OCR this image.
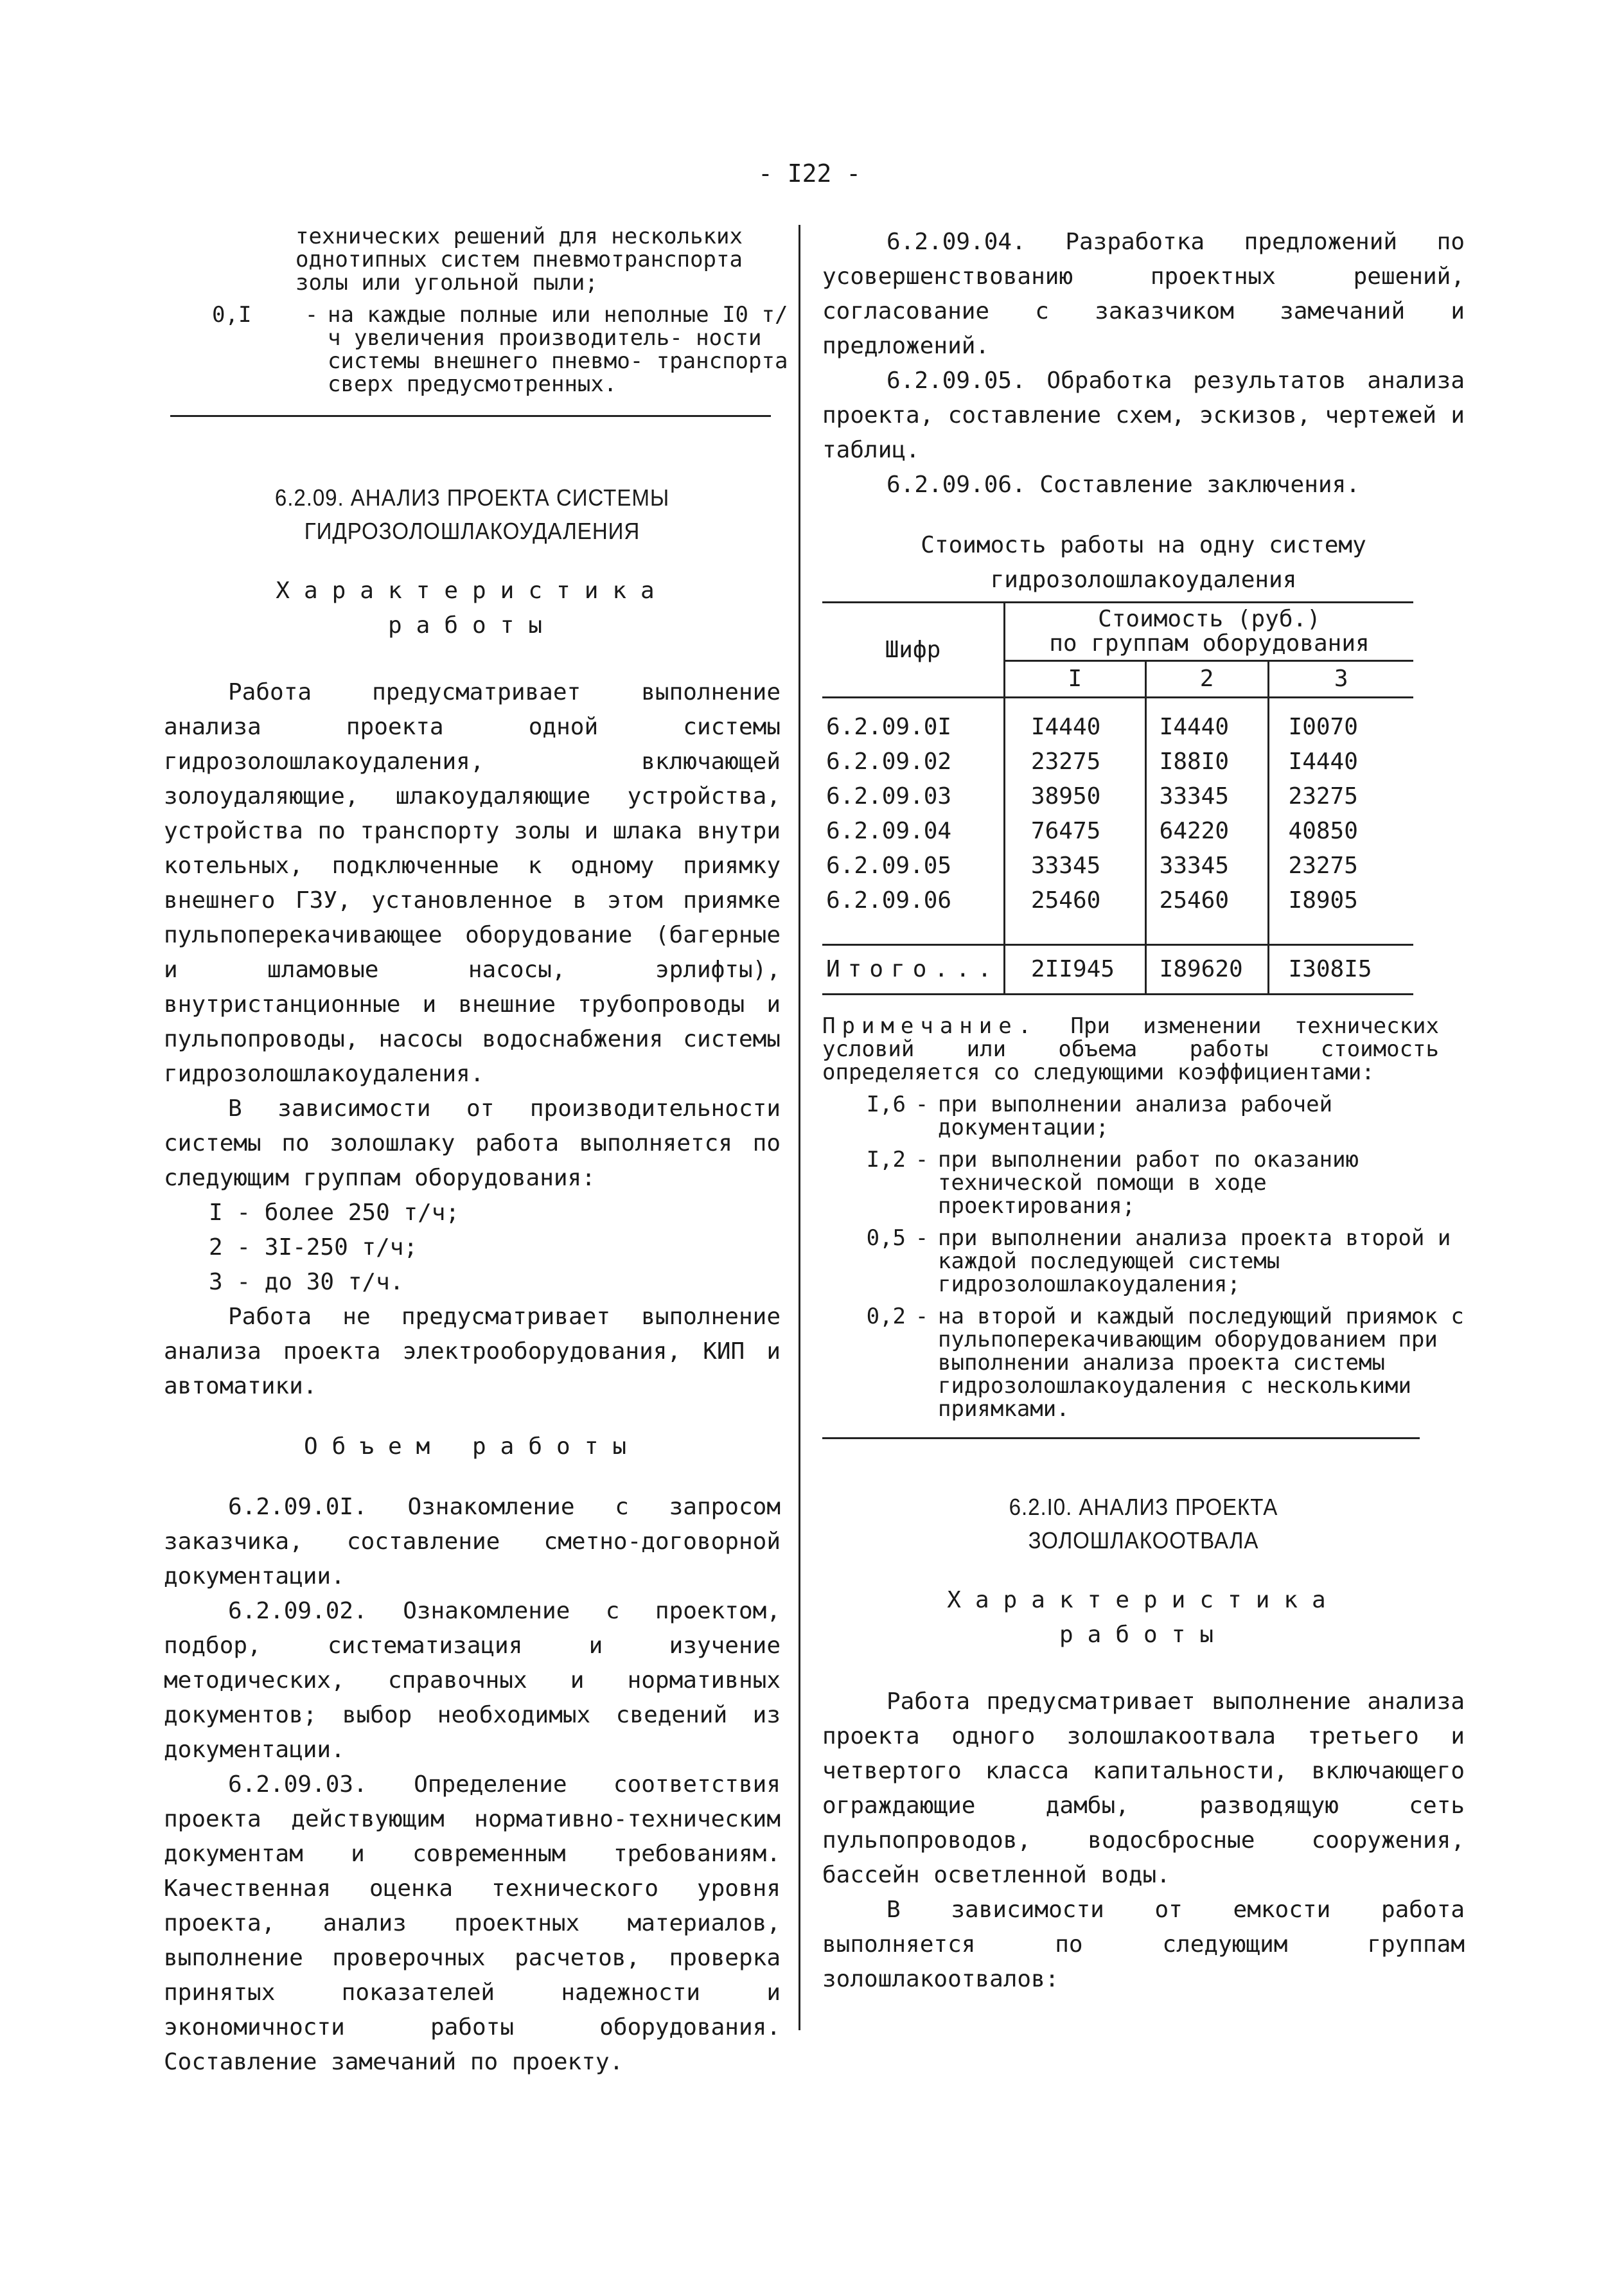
- I22 -
технических решений для нескольких однотипных систем пневмотранспорта золы или угольной пыли;
0,I	- на каждые полные или неполные I0 т/ч увеличения производитель- ности системы внешнего пневмо- транспорта сверх предусмотренных.
6.2.09. АНАЛИЗ ПРОЕКТА СИСТЕМЫ
ГИДРОЗОЛОШЛАКОУДАЛЕНИЯ
Характеристика
работы

Работа предусматривает выполнение анализа проекта одной системы гидрозолошлакоудаления, включающей золоудаляющие, шлакоудаляющие устройства, устройства по транспорту золы и шлака внутри котельных, подключенные к одному приямку внешнего ГЗУ, установленное в этом приямке пульпоперекачивающее оборудование (багерные и шламовые насосы, эрлифты), внутристанционные и внешние трубопроводы и пульпопроводы, насосы водоснабжения системы гидрозолошлакоудаления.

В зависимости от производительности системы по золошлаку работа выполняется по следующим группам оборудования:

I - более 250 т/ч;

2 - 3I-250 т/ч;

3 - до 30 т/ч.

Работа не предусматривает выполнение анализа проекта электрооборудования, КИП и автоматики.

Объем работы

6.2.09.0I. Ознакомление с запросом заказчика, составление сметно-договорной документации.

6.2.09.02. Ознакомление с проектом, подбор, систематизация и изучение методических, справочных и нормативных документов; выбор необходимых сведений из документации.

6.2.09.03. Определение соответствия проекта действующим нормативно-техническим документам и современным требованиям. Качественная оценка технического уровня проекта, анализ проектных материалов, выполнение проверочных расчетов, проверка принятых показателей надежности и экономичности работы оборудования. Составление замечаний по проекту.

6.2.09.04. Разработка предложений по усовершенствованию проектных решений, согласование с заказчиком замечаний и предложений.

6.2.09.05. Обработка результатов анализа проекта, составление схем, эскизов, чертежей и таблиц.

6.2.09.06. Составление заключения.

Стоимость работы на одну систему
гидрозолошлакоудаления
Шифр	Стоимость (руб.)
по группам оборудования		

	I	2	3

6.2.09.0I	I4440	I4440	I0070
6.2.09.02	23275	I88I0	I4440
6.2.09.03	38950	33345	23275
6.2.09.04	76475	64220	40850
6.2.09.05	33345	33345	23275
6.2.09.06	25460	25460	I8905

Итого...	2II945	I89620	I308I5
Примечание. При изменении технических условий или объема работы стоимость определяется со следующими коэффициентами:
I,6 - при выполнении анализа рабочей документации;
I,2 - при выполнении работ по оказанию технической помощи в ходе проектирования;
0,5 - при выполнении анализа проекта второй и каждой последующей системы гидрозолошлакоудаления;
0,2 - на второй и каждый последующий приямок с пульпоперекачивающим оборудованием при выполнении анализа проекта системы гидрозолошлакоудаления с несколькими приямками.
6.2.I0. АНАЛИЗ ПРОЕКТА
ЗОЛОШЛАКООТВАЛА
Характеристика
работы

Работа предусматривает выполнение анализа проекта одного золошлакоотвала третьего и четвертого класса капитальности, включающего ограждающие дамбы, разводящую сеть пульпопроводов, водосбросные сооружения, бассейн осветленной воды.

В зависимости от емкости работа выполняется по следующим группам золошлакоотвалов:
